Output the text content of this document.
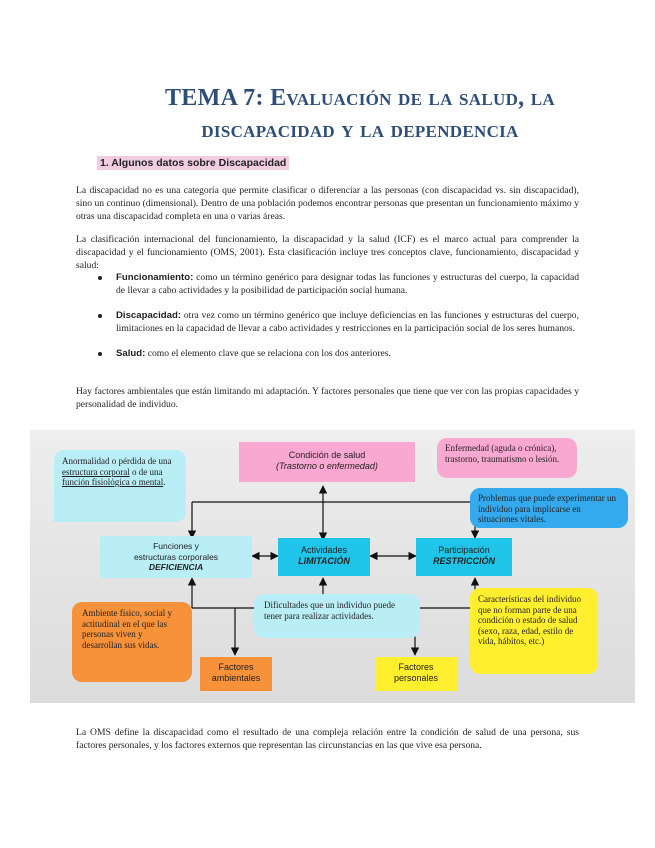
TEMA 7: Evaluación de la salud, la
discapacidad y la dependencia
1. Algunos datos sobre Discapacidad
La discapacidad no es una categoría que permite clasificar o diferenciar a las personas (con discapacidad vs. sin discapacidad), sino un continuo (dimensional). Dentro de una población podemos encontrar personas que presentan un funcionamiento máximo y otras una discapacidad completa en una o varias áreas.
La clasificación internacional del funcionamiento, la discapacidad y la salud (ICF) es el marco actual para comprender la discapacidad y el funcionamiento (OMS, 2001). Esta clasificación incluye tres conceptos clave, funcionamiento, discapacidad y salud:
Funcionamiento: como un término genérico para designar todas las funciones y estructuras del cuerpo, la capacidad de llevar a cabo actividades y la posibilidad de participación social humana.
Discapacidad: otra vez como un término genérico que incluye deficiencias en las funciones y estructuras del cuerpo, limitaciones en la capacidad de llevar a cabo actividades y restricciones en la participación social de los seres humanos.
Salud: como el elemento clave que se relaciona con los dos anteriores.
Hay factores ambientales que están limitando mi adaptación. Y factores personales que tiene que ver con las propias capacidades y personalidad de individuo.
Condición de salud
(Trastorno o enfermedad)
Funciones y
estructuras corporales
DEFICIENCIA
Actividades
LIMITACIÓN
Participación
RESTRICCIÓN
Factores
ambientales
Factores
personales
Anormalidad o pérdida de una estructura corporal o de una función fisiológica o mental.
Enfermedad (aguda o crónica), trastorno, traumatismo o lesión.
Problemas que puede experimentar un individuo para implicarse en situaciones vitales.
Dificultades que un individuo puede tener para realizar actividades.
Ambiente físico, social y actitudinal en el que las personas viven y desarrollan sus vidas.
Características del individuo que no forman parte de una condición o estado de salud (sexo, raza, edad, estilo de vida, hábitos, etc.)
La OMS define la discapacidad como el resultado de una compleja relación entre la condición de salud de una persona, sus factores personales, y los factores externos que representan las circunstancias en las que vive esa persona.
